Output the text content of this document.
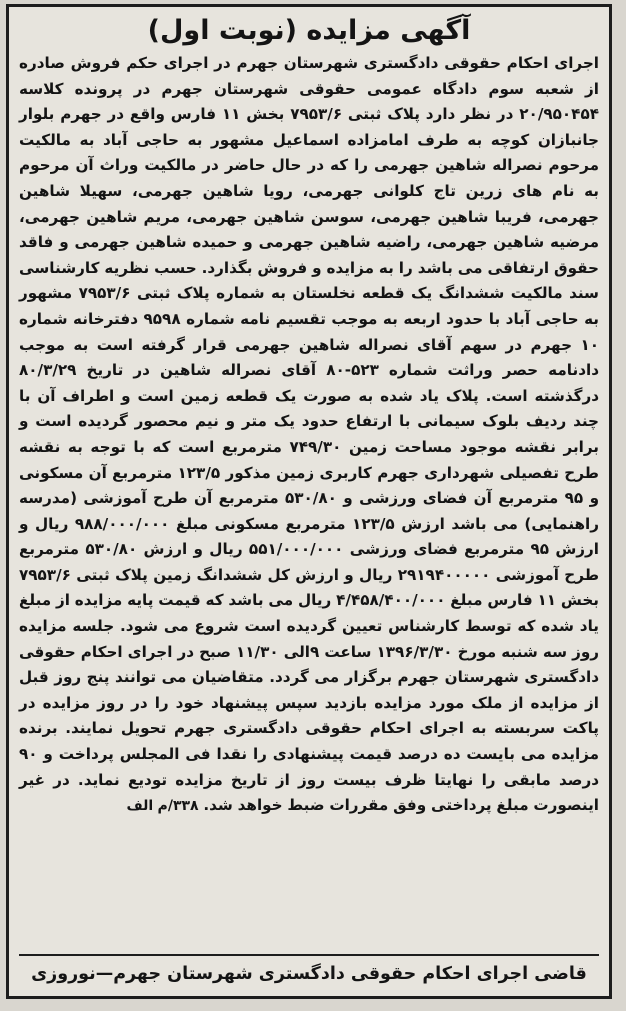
آگهی مزایده (نوبت اول)

اجرای احکام حقوقی دادگستری شهرستان جهرم در اجرای حکم فروش صادره از شعبه سوم دادگاه عمومی حقوقی شهرستان جهرم در پرونده کلاسه ۲۰/۹۵۰۴۵۴ در نظر دارد پلاک ثبتی ۷۹۵۳/۶ بخش ۱۱ فارس واقع در جهرم بلوار جانبازان کوچه به طرف امامزاده اسماعیل مشهور به حاجی آباد به مالکیت مرحوم نصراله شاهین جهرمی را که در حال حاضر در مالکیت وراث آن مرحوم به نام های زرین تاج کلوانی جهرمی، رویا شاهین جهرمی، سهیلا شاهین جهرمی، فریبا شاهین جهرمی، سوسن شاهین جهرمی، مریم شاهین جهرمی، مرضیه شاهین جهرمی، راضیه شاهین جهرمی و حمیده شاهین جهرمی و فاقد حقوق ارتفاقی می باشد را به مزایده و فروش بگذارد. حسب نظریه کارشناسی سند مالکیت ششدانگ یک قطعه نخلستان به شماره پلاک ثبتی ۷۹۵۳/۶ مشهور به حاجی آباد با حدود اربعه به موجب تقسیم نامه شماره ۹۵۹۸ دفترخانه شماره ۱۰ جهرم در سهم آقای نصراله شاهین جهرمی قرار گرفته است به موجب دادنامه حصر وراثت شماره ۵۲۳-۸۰ آقای نصراله شاهین در تاریخ ۸۰/۳/۲۹ درگذشته است. پلاک یاد شده به صورت یک قطعه زمین است و اطراف آن با چند ردیف بلوک سیمانی با ارتفاع حدود یک متر و نیم محصور گردیده است و برابر نقشه موجود مساحت زمین ۷۴۹/۳۰ مترمربع است که با توجه به نقشه طرح تفصیلی شهرداری جهرم کاربری زمین مذکور ۱۲۳/۵ مترمربع آن مسکونی و ۹۵ مترمربع آن فضای ورزشی و ۵۳۰/۸۰ مترمربع آن طرح آموزشی (مدرسه راهنمایی) می باشد ارزش ۱۲۳/۵ مترمربع مسکونی مبلغ ۹۸۸/۰۰۰/۰۰۰ ریال و ارزش ۹۵ مترمربع فضای ورزشی ۵۵۱/۰۰۰/۰۰۰ ریال و ارزش ۵۳۰/۸۰ مترمربع طرح آموزشی ۲۹۱۹۴۰۰۰۰۰ ریال و ارزش کل ششدانگ زمین پلاک ثبتی ۷۹۵۳/۶ بخش ۱۱ فارس مبلغ ۴/۴۵۸/۴۰۰/۰۰۰ ریال می باشد که قیمت پایه مزایده از مبلغ یاد شده که توسط کارشناس تعیین گردیده است شروع می شود. جلسه مزایده روز سه شنبه مورخ ۱۳۹۶/۳/۳۰ ساعت ۹الی ۱۱/۳۰ صبح در اجرای احکام حقوقی دادگستری شهرستان جهرم برگزار می گردد. متقاضیان می توانند پنج روز قبل از مزایده از ملک مورد مزایده بازدید سپس پیشنهاد خود را در روز مزایده در پاکت سربسته به اجرای احکام حقوقی دادگستری جهرم تحویل نمایند. برنده مزایده می بایست ده درصد قیمت پیشنهادی را نقدا فی المجلس پرداخت و ۹۰ درصد مابقی را نهایتا ظرف بیست روز از تاریخ مزایده تودیع نماید. در غیر اینصورت مبلغ پرداختی وفق مقررات ضبط خواهد شد. ۳۳۸/م الف

قاضی اجرای احکام حقوقی دادگستری شهرستان جهرم—نوروزی
